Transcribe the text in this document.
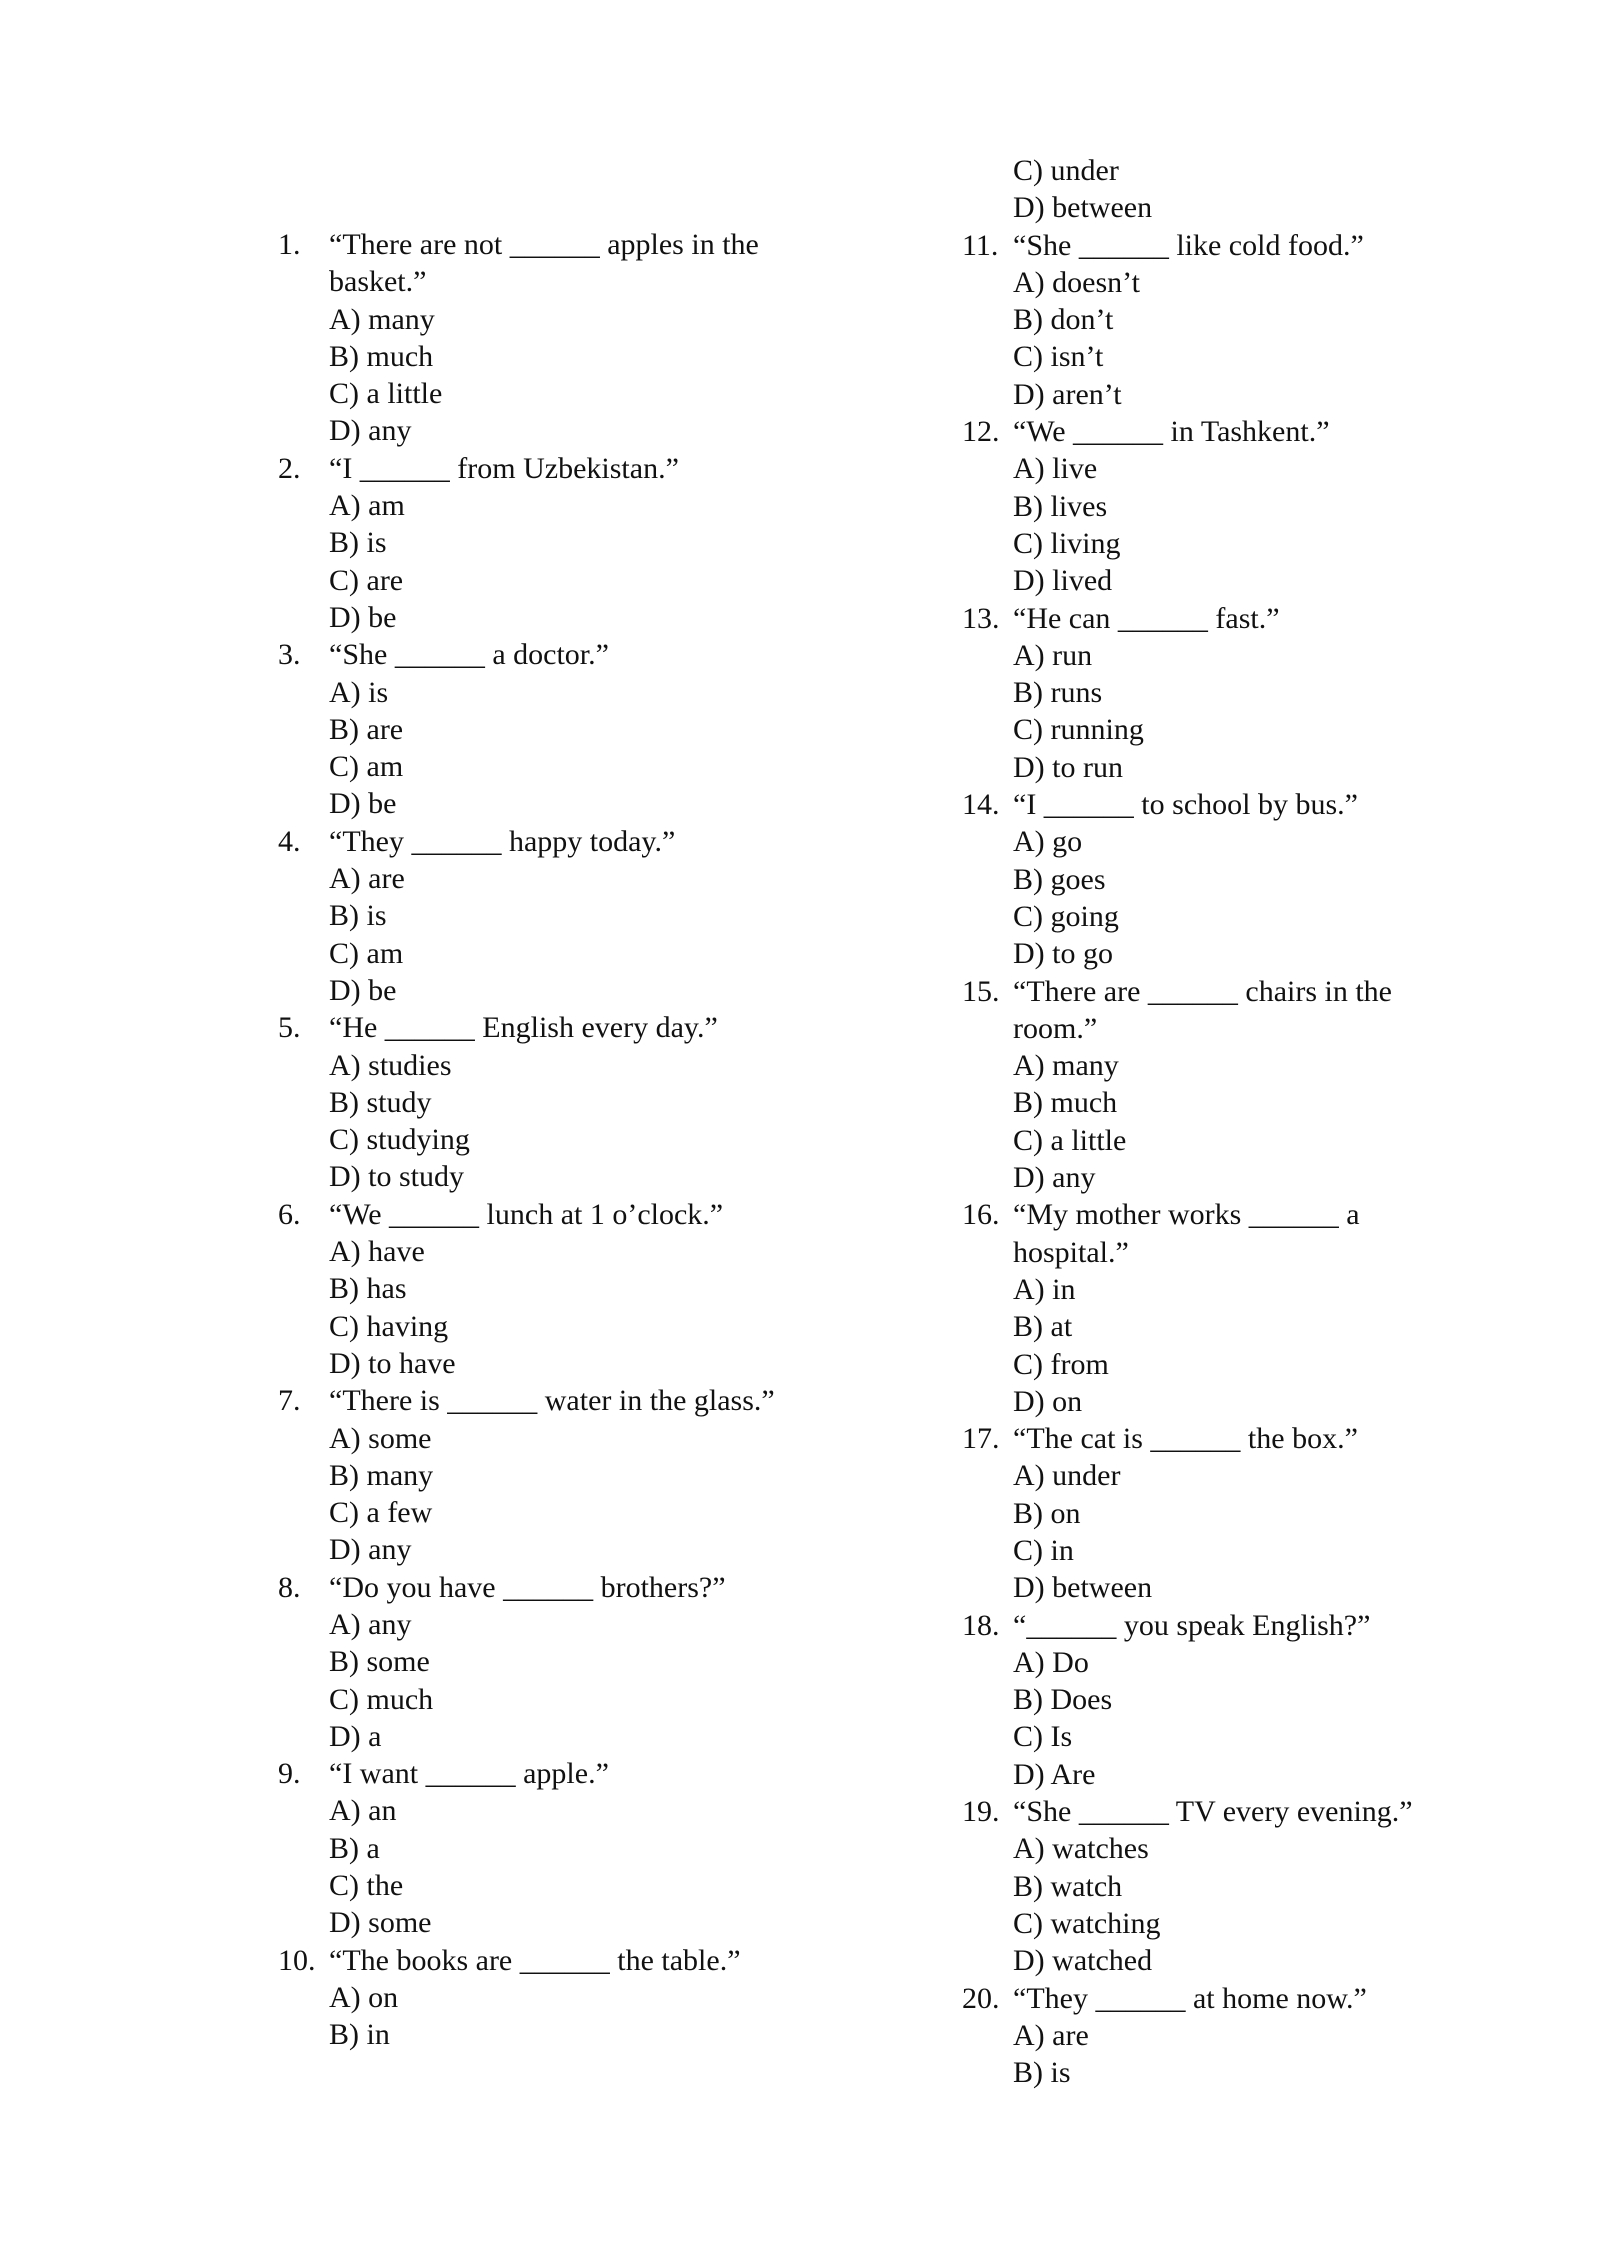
1. “There are not ______ apples in the
basket.”
A) many
B) much
C) a little
D) any
2. “I ______ from Uzbekistan.”
A) am
B) is
C) are
D) be
3. “She ______ a doctor.”
A) is
B) are
C) am
D) be
4. “They ______ happy today.”
A) are
B) is
C) am
D) be
5. “He ______ English every day.”
A) studies
B) study
C) studying
D) to study
6. “We ______ lunch at 1 o’clock.”
A) have
B) has
C) having
D) to have
7. “There is ______ water in the glass.”
A) some
B) many
C) a few
D) any
8. “Do you have ______ brothers?”
A) any
B) some
C) much
D) a
9. “I want ______ apple.”
A) an
B) a
C) the
D) some
10. “The books are ______ the table.”
A) on
B) in
C) under
D) between
11. “She ______ like cold food.”
A) doesn’t
B) don’t
C) isn’t
D) aren’t
12. “We ______ in Tashkent.”
A) live
B) lives
C) living
D) lived
13. “He can ______ fast.”
A) run
B) runs
C) running
D) to run
14. “I ______ to school by bus.”
A) go
B) goes
C) going
D) to go
15. “There are ______ chairs in the
room.”
A) many
B) much
C) a little
D) any
16. “My mother works ______ a
hospital.”
A) in
B) at
C) from
D) on
17. “The cat is ______ the box.”
A) under
B) on
C) in
D) between
18. “______ you speak English?”
A) Do
B) Does
C) Is
D) Are
19. “She ______ TV every evening.”
A) watches
B) watch
C) watching
D) watched
20. “They ______ at home now.”
A) are
B) is
